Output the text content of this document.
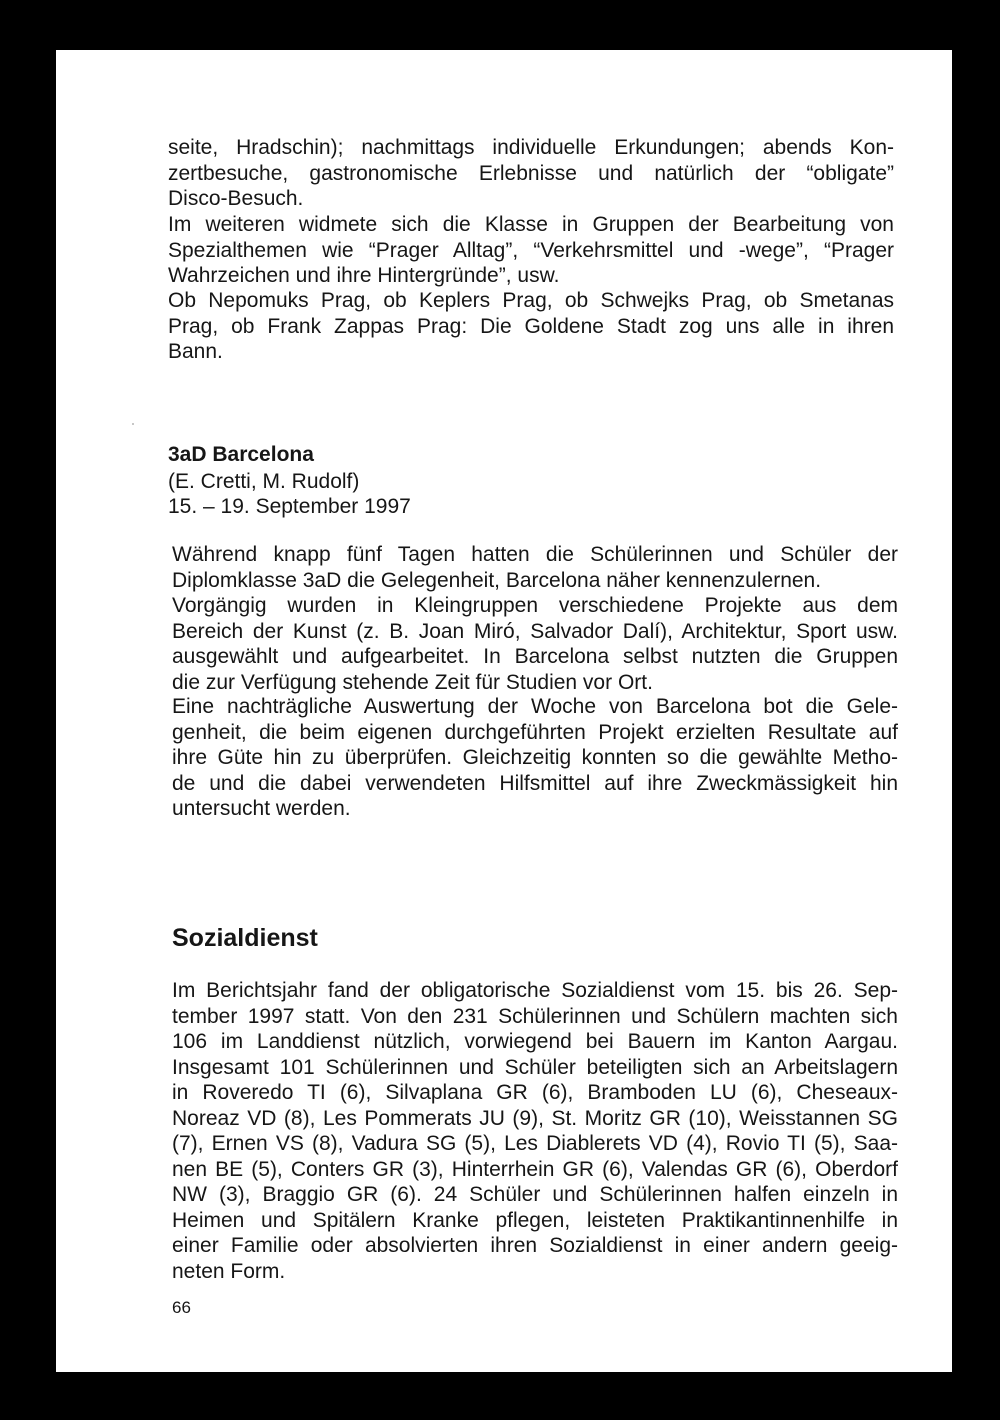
seite, Hradschin); nachmittags individuelle Erkundungen; abends Kon-
zertbesuche, gastronomische Erlebnisse und natürlich der “obligate”
Disco-Besuch.

Im weiteren widmete sich die Klasse in Gruppen der Bearbeitung von
Spezialthemen wie “Prager Alltag”, “Verkehrsmittel und -wege”, “Prager
Wahrzeichen und ihre Hintergründe”, usw.

Ob Nepomuks Prag, ob Keplers Prag, ob Schwejks Prag, ob Smetanas
Prag, ob Frank Zappas Prag: Die Goldene Stadt zog uns alle in ihren
Bann.

3aD Barcelona

(E. Cretti, M. Rudolf)

15. – 19. September 1997

Während knapp fünf Tagen hatten die Schülerinnen und Schüler der
Diplomklasse 3aD die Gelegenheit, Barcelona näher kennenzulernen.

Vorgängig wurden in Kleingruppen verschiedene Projekte aus dem
Bereich der Kunst (z. B. Joan Miró, Salvador Dalí), Architektur, Sport usw.
ausgewählt und aufgearbeitet. In Barcelona selbst nutzten die Gruppen
die zur Verfügung stehende Zeit für Studien vor Ort.

Eine nachträgliche Auswertung der Woche von Barcelona bot die Gele-
genheit, die beim eigenen durchgeführten Projekt erzielten Resultate auf
ihre Güte hin zu überprüfen. Gleichzeitig konnten so die gewählte Metho-
de und die dabei verwendeten Hilfsmittel auf ihre Zweckmässigkeit hin
untersucht werden.

Sozialdienst

Im Berichtsjahr fand der obligatorische Sozialdienst vom 15. bis 26. Sep-
tember 1997 statt. Von den 231 Schülerinnen und Schülern machten sich
106 im Landdienst nützlich, vorwiegend bei Bauern im Kanton Aargau.
Insgesamt 101 Schülerinnen und Schüler beteiligten sich an Arbeitslagern
in Roveredo TI (6), Silvaplana GR (6), Bramboden LU (6), Cheseaux-
Noreaz VD (8), Les Pommerats JU (9), St. Moritz GR (10), Weisstannen SG
(7), Ernen VS (8), Vadura SG (5), Les Diablerets VD (4), Rovio TI (5), Saa-
nen BE (5), Conters GR (3), Hinterrhein GR (6), Valendas GR (6), Oberdorf
NW (3), Braggio GR (6). 24 Schüler und Schülerinnen halfen einzeln in
Heimen und Spitälern Kranke pflegen, leisteten Praktikantinnenhilfe in
einer Familie oder absolvierten ihren Sozialdienst in einer andern geeig-
neten Form.

66
